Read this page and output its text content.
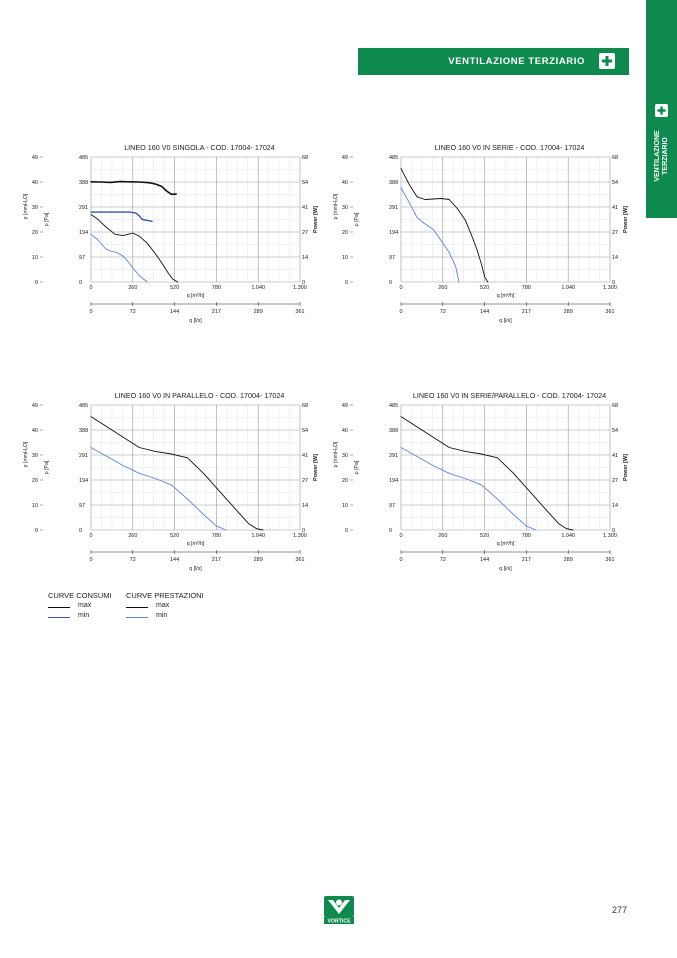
VENTILAZIONE TERZIARIO
VENTILAZIONE TERZIARIO
LINEO 160 V0 SINGOLA - COD. 17004- 17024
0
0	0
97
10	14
194
20	27
291
30	41
388
40	54
485
49	68
0	260	520	780	1.040	1.300
q [m³/h]
0	72	144	217	289	361
q [l/s]
p [mmH₂O]
p [Pa]	Power [W]
LINEO 160 V0 IN SERIE - COD. 17004- 17024
0
0	0
97
10	14
194
20	27
291
30	41
388
40	54
485
49	68
0	260	520	780	1.040	1.300
q [m³/h]
0	72	144	217	289	361
q [l/s]
p [mmH₂O]
p [Pa]	Power [W]
LINEO 160 V0 IN PARALLELO - COD. 17004- 17024
0
0	0
97
10	14
194
20	27
291
30	41
388
40	54
485
49	68
0	260	520	780	1.040	1.300
q [m³/h]
0	72	144	217	289	361
q [l/s]
p [mmH₂O]
p [Pa]	Power [W]
LINEO 160 V0 IN SERIE/PARALLELO - COD. 17004- 17024
0
0	0
97
10	14
194
20	27
291
30	41
388
40	54
485
49	68
0	260	520	780	1.040	1.300
q [m³/h]
0	72	144	217	289	361
q [l/s]
p [mmH₂O]
p [Pa]	Power [W]
CURVE CONSUMI
max
min
CURVE PRESTAZIONI
max
min
VORTICE
277
